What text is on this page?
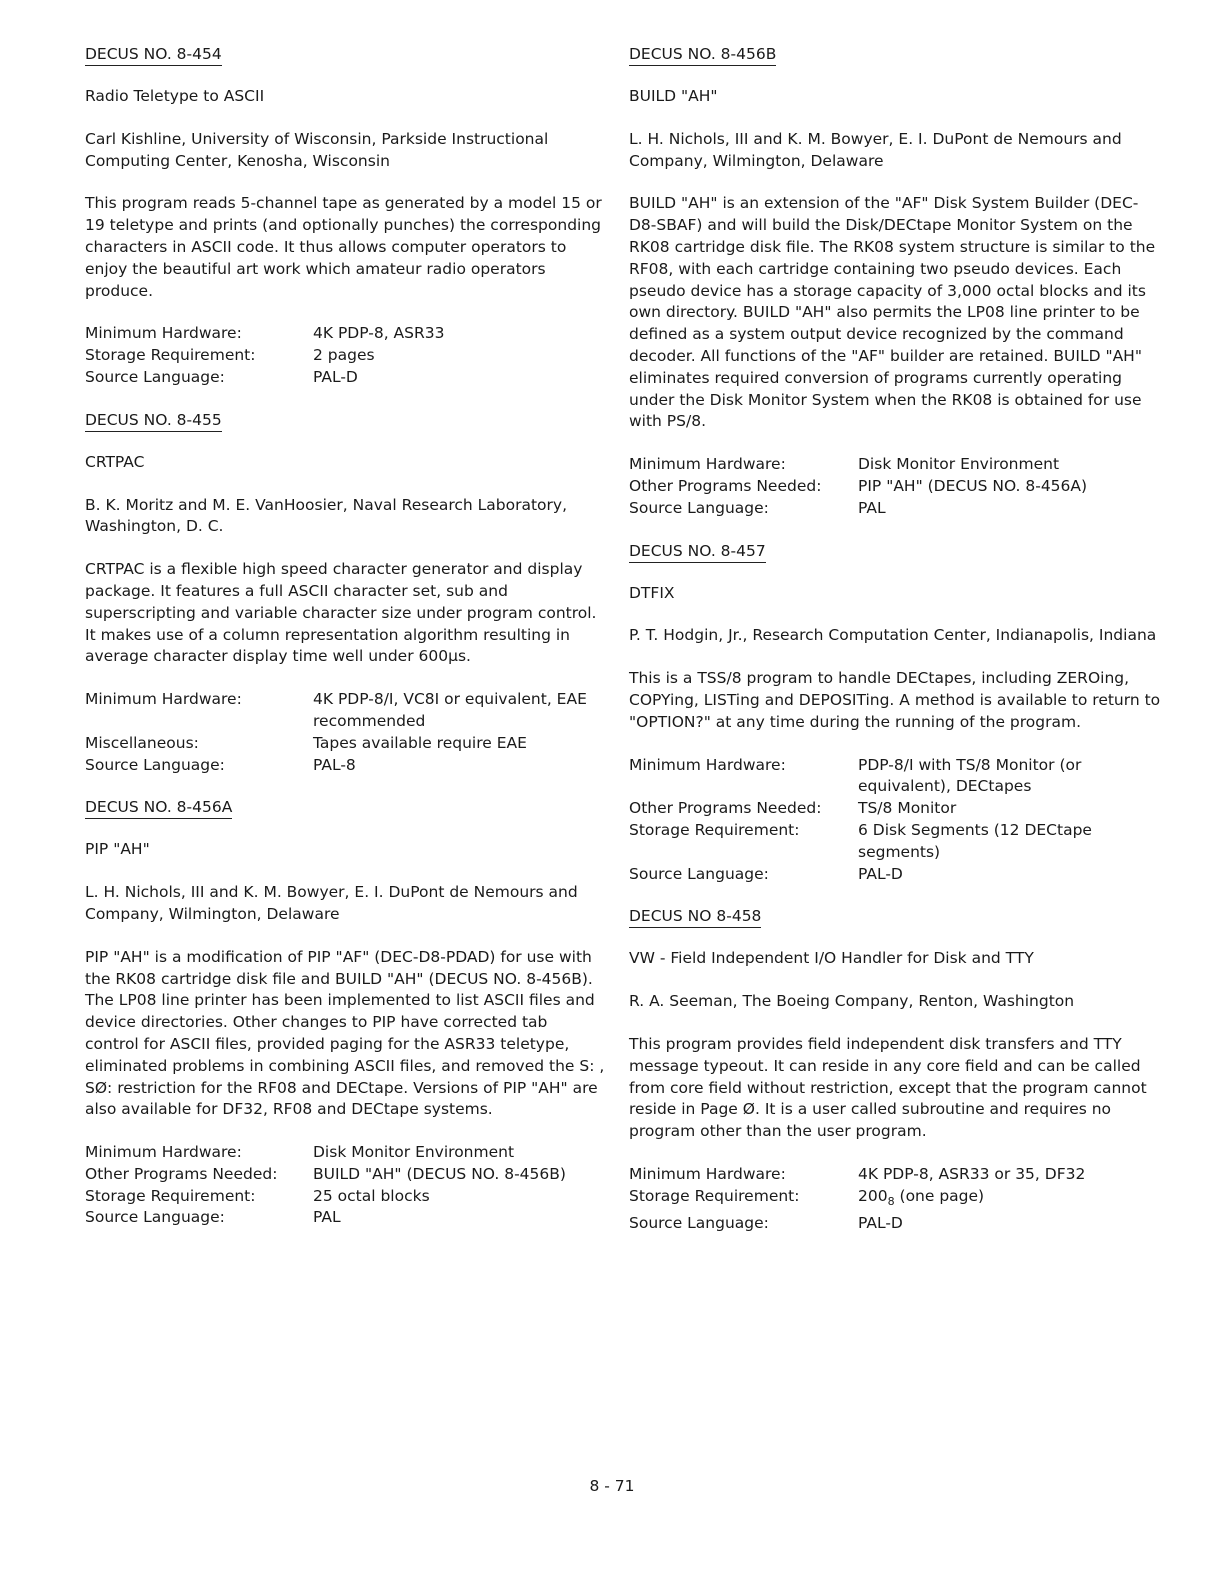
DECUS NO. 8-454

Radio Teletype to ASCII

Carl Kishline, University of Wisconsin, Parkside Instructional Computing Center, Kenosha, Wisconsin

This program reads 5-channel tape as generated by a model 15 or 19 teletype and prints (and optionally punches) the corresponding characters in ASCII code. It thus allows computer operators to enjoy the beautiful art work which amateur radio operators produce.

Minimum Hardware:	4K PDP-8, ASR33
Storage Requirement:	2 pages
Source Language:	PAL-D
DECUS NO. 8-455

CRTPAC

B. K. Moritz and M. E. VanHoosier, Naval Research Laboratory, Washington, D. C.

CRTPAC is a flexible high speed character generator and display package. It features a full ASCII character set, sub and superscripting and variable character size under program control. It makes use of a column representation algorithm resulting in average character display time well under 600µs.

Minimum Hardware:	4K PDP-8/I, VC8I or equivalent, EAE recommended
Miscellaneous:	Tapes available require EAE
Source Language:	PAL-8
DECUS NO. 8-456A

PIP "AH"

L. H. Nichols, III and K. M. Bowyer, E. I. DuPont de Nemours and Company, Wilmington, Delaware

PIP "AH" is a modification of PIP "AF" (DEC-D8-PDAD) for use with the RK08 cartridge disk file and BUILD "AH" (DECUS NO. 8-456B). The LP08 line printer has been implemented to list ASCII files and device directories. Other changes to PIP have corrected tab control for ASCII files, provided paging for the ASR33 teletype, eliminated problems in combining ASCII files, and removed the S: , SØ: restriction for the RF08 and DECtape. Versions of PIP "AH" are also available for DF32, RF08 and DECtape systems.

Minimum Hardware:	Disk Monitor Environment
Other Programs Needed:	BUILD "AH" (DECUS NO. 8-456B)
Storage Requirement:	25 octal blocks
Source Language:	PAL
DECUS NO. 8-456B

BUILD "AH"

L. H. Nichols, III and K. M. Bowyer, E. I. DuPont de Nemours and Company, Wilmington, Delaware

BUILD "AH" is an extension of the "AF" Disk System Builder (DEC-D8-SBAF) and will build the Disk/DECtape Monitor System on the RK08 cartridge disk file. The RK08 system structure is similar to the RF08, with each cartridge containing two pseudo devices. Each pseudo device has a storage capacity of 3,000 octal blocks and its own directory. BUILD "AH" also permits the LP08 line printer to be defined as a system output device recognized by the command decoder. All functions of the "AF" builder are retained. BUILD "AH" eliminates required conversion of programs currently operating under the Disk Monitor System when the RK08 is obtained for use with PS/8.

Minimum Hardware:	Disk Monitor Environment
Other Programs Needed:	PIP "AH" (DECUS NO. 8-456A)
Source Language:	PAL
DECUS NO. 8-457

DTFIX

P. T. Hodgin, Jr., Research Computation Center, Indianapolis, Indiana

This is a TSS/8 program to handle DECtapes, including ZEROing, COPYing, LISTing and DEPOSITing. A method is available to return to "OPTION?" at any time during the running of the program.

Minimum Hardware:	PDP-8/I with TS/8 Monitor (or equivalent), DECtapes
Other Programs Needed:	TS/8 Monitor
Storage Requirement:	6 Disk Segments (12 DECtape segments)
Source Language:	PAL-D
DECUS NO 8-458

VW - Field Independent I/O Handler for Disk and TTY

R. A. Seeman, The Boeing Company, Renton, Washington

This program provides field independent disk transfers and TTY message typeout. It can reside in any core field and can be called from core field without restriction, except that the program cannot reside in Page Ø. It is a user called subroutine and requires no program other than the user program.

Minimum Hardware:	4K PDP-8, ASR33 or 35, DF32
Storage Requirement:	$200_8$ (one page)
Source Language:	PAL-D
8 - 71
